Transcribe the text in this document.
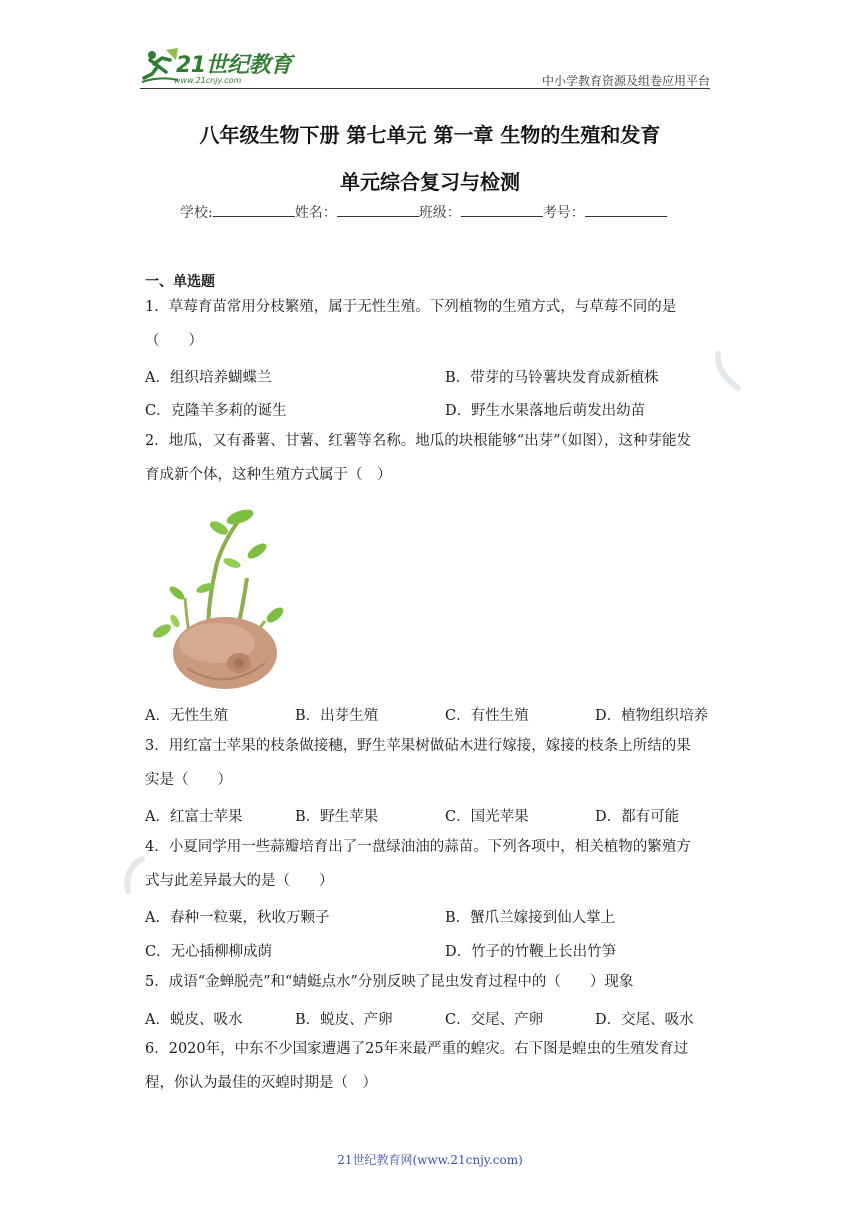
21世纪教育
www.21cnjy.com	中小学教育资源及组卷应用平台
八年级生物下册 第七单元 第一章 生物的生殖和发育
单元综合复习与检测
学校:	姓名：	班级：	考号：
一、单选题
1．草莓育苗常用分枝繁殖，属于无性生殖。下列植物的生殖方式，与草莓不同的是
（　　）
A．组织培养蝴蝶兰	B．带芽的马铃薯块发育成新植株
C．克隆羊多莉的诞生	D．野生水果落地后萌发出幼苗
2．地瓜，又有番薯、甘薯、红薯等名称。地瓜的块根能够“出芽”（如图），这种芽能发
育成新个体，这种生殖方式属于（　）
A．无性生殖	B．出芽生殖	C．有性生殖	D．植物组织培养
3．用红富士苹果的枝条做接穗，野生苹果树做砧木进行嫁接，嫁接的枝条上所结的果
实是（　　）
A．红富士苹果	B．野生苹果	C．国光苹果	D．都有可能
4．小夏同学用一些蒜瓣培育出了一盘绿油油的蒜苗。下列各项中，相关植物的繁殖方
式与此差异最大的是（　　）
A．春种一粒粟，秋收万颗子	B．蟹爪兰嫁接到仙人掌上
C．无心插柳柳成荫	D．竹子的竹鞭上长出竹笋
5．成语“金蝉脱壳”和“蜻蜓点水”分别反映了昆虫发育过程中的（　　）现象
A．蜕皮、吸水	B．蜕皮、产卵	C．交尾、产卵	D．交尾、吸水
6．2020年，中东不少国家遭遇了25年来最严重的蝗灾。右下图是蝗虫的生殖发育过
程，你认为最佳的灭蝗时期是（　）
21世纪教育网(www.21cnjy.com)
